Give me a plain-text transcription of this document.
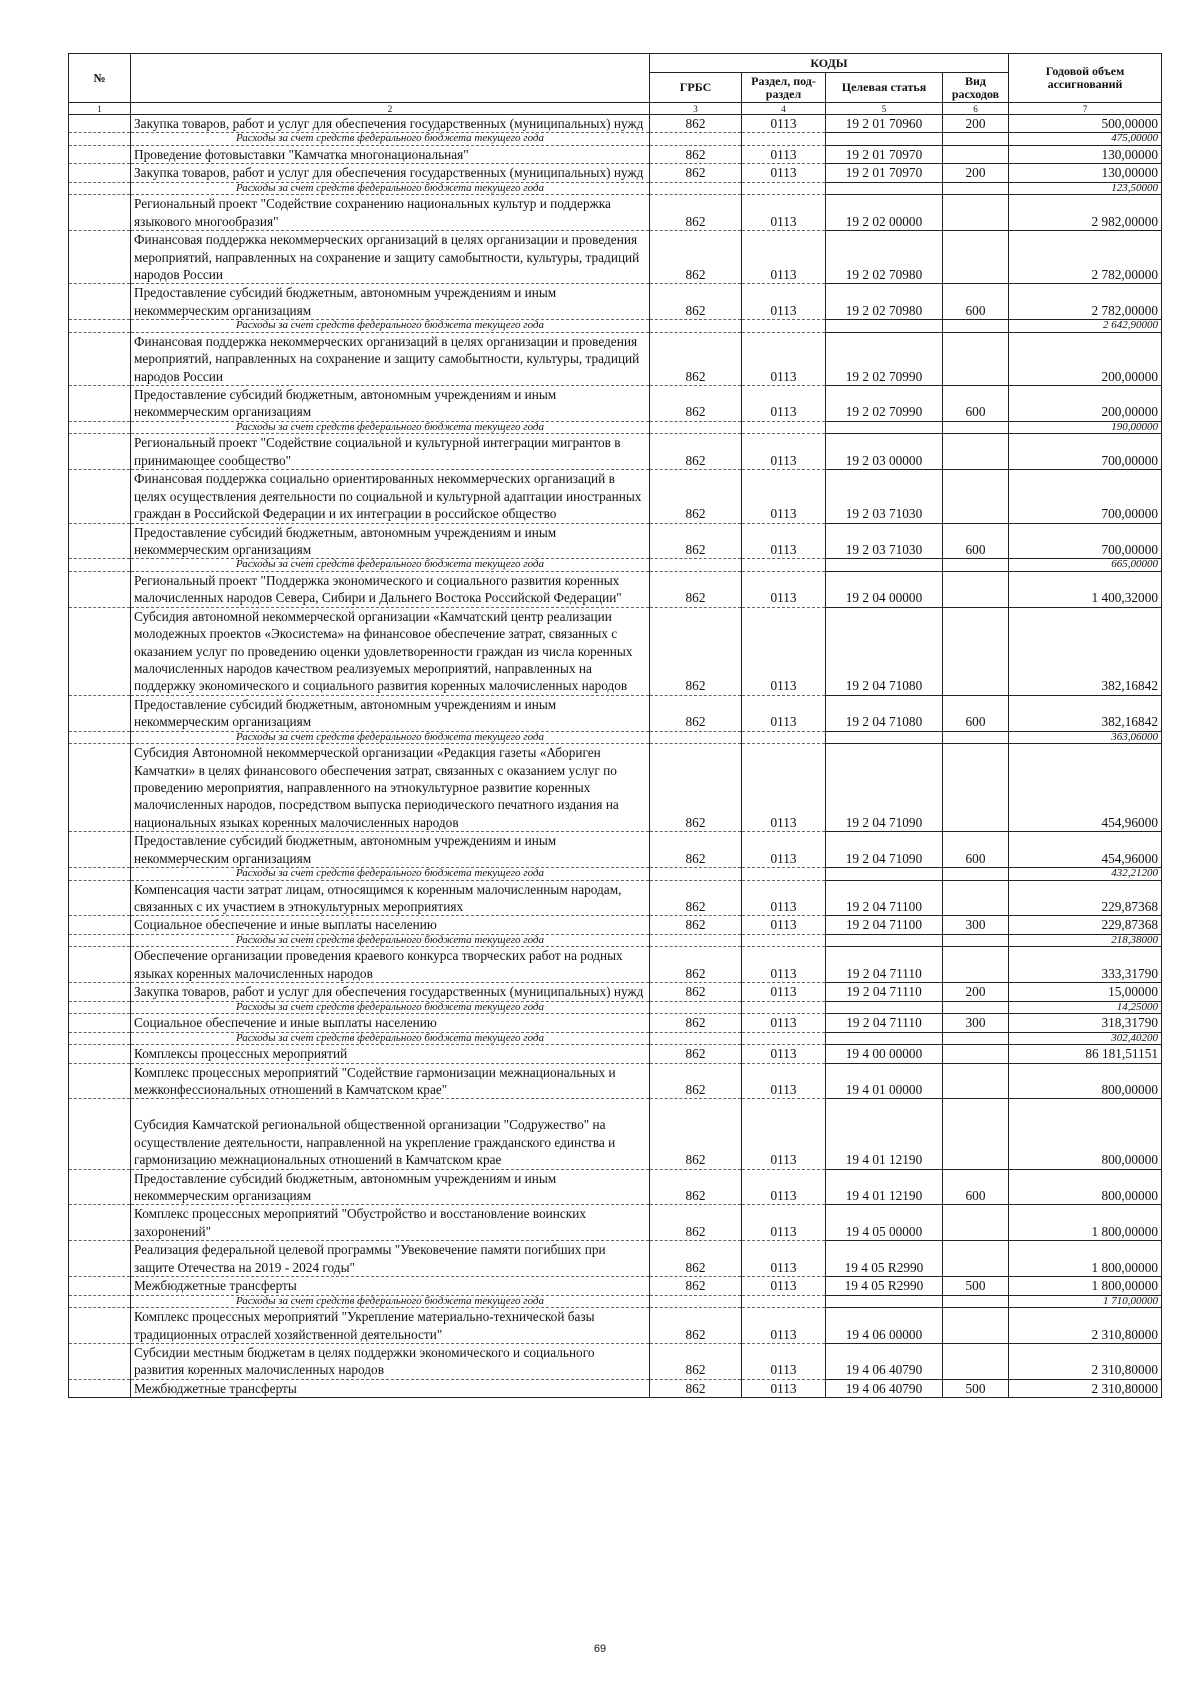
№		КОДЫ				Годовой объем ассигнований
		ГРБС	Раздел, под-раздел	Целевая статья	Вид расходов	
1	2	3	4	5	6	7
	Закупка товаров, работ и услуг для обеспечения государственных (муниципальных) нужд	862	0113	19 2 01 70960	200	500,00000
	Расходы за счет средств федерального бюджета текущего года					475,00000
	Проведение фотовыставки "Камчатка многонациональная"	862	0113	19 2 01 70970		130,00000
	Закупка товаров, работ и услуг для обеспечения государственных (муниципальных) нужд	862	0113	19 2 01 70970	200	130,00000
	Расходы за счет средств федерального бюджета текущего года					123,50000
	Региональный проект "Содействие сохранению национальных культур и поддержка языкового многообразия"	862	0113	19 2 02 00000		2 982,00000
	Финансовая поддержка некоммерческих организаций в целях организации и проведения мероприятий, направленных на сохранение и защиту самобытности, культуры, традиций народов России	862	0113	19 2 02 70980		2 782,00000
	Предоставление субсидий бюджетным, автономным учреждениям и иным некоммерческим организациям	862	0113	19 2 02 70980	600	2 782,00000
	Расходы за счет средств федерального бюджета текущего года					2 642,90000
	Финансовая поддержка некоммерческих организаций в целях организации и проведения мероприятий, направленных на сохранение и защиту самобытности, культуры, традиций народов России	862	0113	19 2 02 70990		200,00000
	Предоставление субсидий бюджетным, автономным учреждениям и иным некоммерческим организациям	862	0113	19 2 02 70990	600	200,00000
	Расходы за счет средств федерального бюджета текущего года					190,00000
	Региональный проект "Содействие социальной и культурной интеграции мигрантов в принимающее сообщество"	862	0113	19 2 03 00000		700,00000
	Финансовая поддержка социально ориентированных некоммерческих организаций в целях осуществления деятельности по социальной и культурной адаптации иностранных граждан в Российской Федерации и их интеграции в российское общество	862	0113	19 2 03 71030		700,00000
	Предоставление субсидий бюджетным, автономным учреждениям и иным некоммерческим организациям	862	0113	19 2 03 71030	600	700,00000
	Расходы за счет средств федерального бюджета текущего года					665,00000
	Региональный проект "Поддержка экономического и социального развития коренных малочисленных народов Севера, Сибири и Дальнего Востока Российской Федерации"	862	0113	19 2 04 00000		1 400,32000
	Субсидия автономной некоммерческой организации «Камчатский центр реализации молодежных проектов «Экосистема» на финансовое обеспечение затрат, связанных с оказанием услуг по проведению оценки удовлетворенности граждан из числа коренных малочисленных народов качеством реализуемых мероприятий, направленных на поддержку экономического и социального развития коренных малочисленных народов	862	0113	19 2 04 71080		382,16842
	Предоставление субсидий бюджетным, автономным учреждениям и иным некоммерческим организациям	862	0113	19 2 04 71080	600	382,16842
	Расходы за счет средств федерального бюджета текущего года					363,06000
	Субсидия Автономной некоммерческой организации «Редакция газеты «Абориген Камчатки» в целях финансового обеспечения затрат, связанных с оказанием услуг по проведению мероприятия, направленного на этнокультурное развитие коренных малочисленных народов, посредством выпуска периодического печатного издания на национальных языках коренных малочисленных народов	862	0113	19 2 04 71090		454,96000
	Предоставление субсидий бюджетным, автономным учреждениям и иным некоммерческим организациям	862	0113	19 2 04 71090	600	454,96000
	Расходы за счет средств федерального бюджета текущего года					432,21200
	Компенсация части затрат лицам, относящимся к коренным малочисленным народам, связанных с их участием в этнокультурных мероприятиях	862	0113	19 2 04 71100		229,87368
	Социальное обеспечение и иные выплаты населению	862	0113	19 2 04 71100	300	229,87368
	Расходы за счет средств федерального бюджета текущего года					218,38000
	Обеспечение организации проведения краевого конкурса творческих работ на родных языках коренных малочисленных народов	862	0113	19 2 04 71110		333,31790
	Закупка товаров, работ и услуг для обеспечения государственных (муниципальных) нужд	862	0113	19 2 04 71110	200	15,00000
	Расходы за счет средств федерального бюджета текущего года					14,25000
	Социальное обеспечение и иные выплаты населению	862	0113	19 2 04 71110	300	318,31790
	Расходы за счет средств федерального бюджета текущего года					302,40200
	Комплексы процессных мероприятий	862	0113	19 4 00 00000		86 181,51151
	Комплекс процессных мероприятий "Содействие гармонизации межнациональных и межконфессиональных отношений в Камчатском крае"	862	0113	19 4 01 00000		800,00000
	Субсидия Камчатской региональной общественной организации "Содружество" на осуществление деятельности, направленной на укрепление гражданского единства и гармонизацию межнациональных отношений в Камчатском крае	862	0113	19 4 01 12190		800,00000
	Предоставление субсидий бюджетным, автономным учреждениям и иным некоммерческим организациям	862	0113	19 4 01 12190	600	800,00000
	Комплекс процессных мероприятий "Обустройство и восстановление воинских захоронений"	862	0113	19 4 05 00000		1 800,00000
	Реализация федеральной целевой программы "Увековечение памяти погибших при защите Отечества на 2019 - 2024 годы"	862	0113	19 4 05 R2990		1 800,00000
	Межбюджетные трансферты	862	0113	19 4 05 R2990	500	1 800,00000
	Расходы за счет средств федерального бюджета текущего года					1 710,00000
	Комплекс процессных мероприятий "Укрепление материально-технической базы традиционных отраслей хозяйственной деятельности"	862	0113	19 4 06 00000		2 310,80000
	Субсидии местным бюджетам в целях поддержки экономического и социального развития коренных малочисленных народов	862	0113	19 4 06 40790		2 310,80000
	Межбюджетные трансферты	862	0113	19 4 06 40790	500	2 310,80000
69
